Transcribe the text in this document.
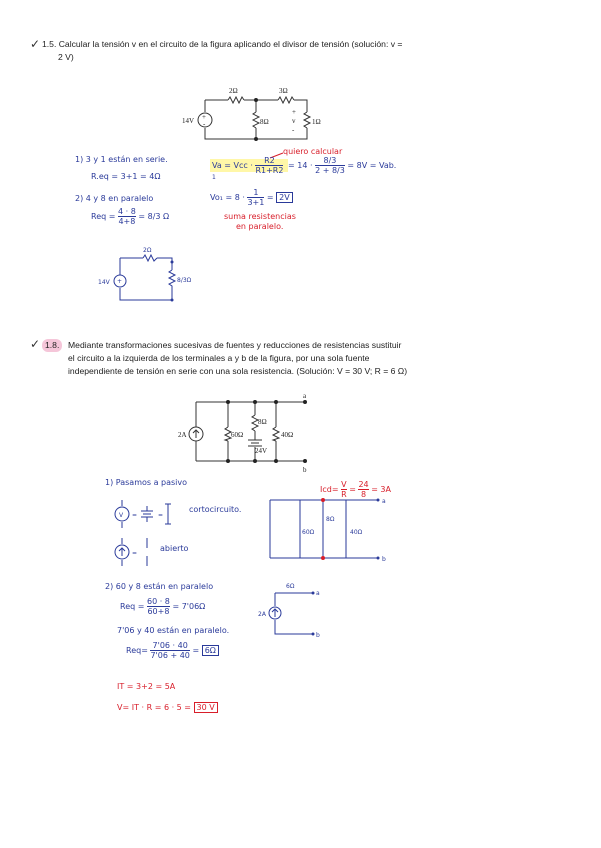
✓ 1.5. Calcular la tensión v en el circuito de la figura aplicando el divisor de tensión (solución: v =
2 V)
+
-
2Ω	3Ω
8Ω	1Ω
14V
+
v
-
2Ω
14V	8/3Ω
+
1) 3 y 1 están en serie.
R.eq = 3+1 = 4Ω
2) 4 y 8 en paralelo
Req = $\frac{4 \cdot 8}{4+8} = 8/3$ Ω
quiero calcular
Va = Vcc · $\frac{R2}{R1+R2} = 14 \cdot \frac{8/3}{2 + 8/3} = 8V$ = Vab.
1
$Vo_1 = 8 \cdot \frac{1}{3+1} = 2V$
suma resistencias
en paralelo.
✓ 1.8.	Mediante transformaciones sucesivas de fuentes y reducciones de resistencias sustituir
el circuito a la izquierda de los terminales a y b de la figura, por una sola fuente
independiente de tensión en serie con una sola resistencia. (Solución: V = 30 V; R = 6 Ω)
2A	60Ω
8Ω
24V
40Ω
a
b
V =	=
=
60Ω
8Ω
40Ω
a
b
6Ω
2A
a
b
1) Pasamos a pasivo
cortocircuito.
abierto
$Icd= \frac{V}{R} = \frac{24}{8} = 3A$
2) 60 y 8 están en paralelo
Req = $\frac{60 \cdot 8}{60+8} = 7'06\Omega$
7'06 y 40 están en paralelo.
$Req= \frac{7'06 \cdot 40}{7'06 + 40} = 6\Omega$
IT = 3+2 = 5A
V= IT · R = 6 · 5 = 30 V
